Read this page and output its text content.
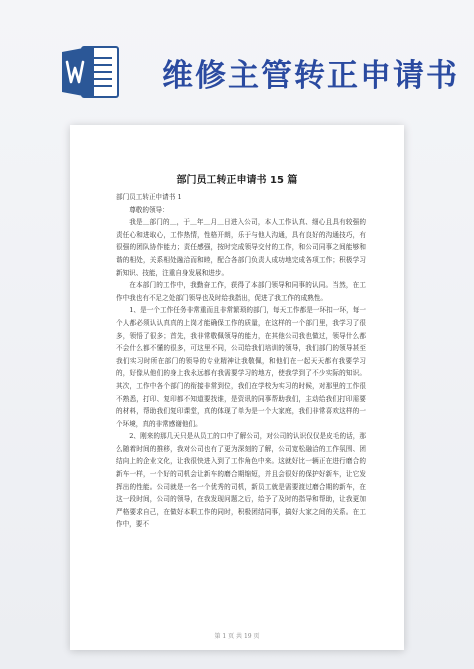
维修主管转正申请书
部门员工转正申请书 15 篇

部门员工转正申请书 1

尊敬的领导：

我是＿部门的＿，于＿年＿月＿日进入公司，本人工作认真、细心且具有较强的责任心和进取心，工作热情，性格开朗，乐于与他人沟通，具有良好的沟通技巧，有很强的团队协作能力；责任感强，按时完成领导交付的工作，和公司同事之间能够和谐的相处，关系相处融洽而和睦，配合各部门负责人成功地完成各项工作；积极学习新知识、技能，注重自身发展和进步。

在本部门的工作中，我勤奋工作，获得了本部门领导和同事的认同。当然，在工作中我也有不足之处部门领导也及时给我指出，促进了我工作的成熟性。

1、是一个工作任务非常重而且非常繁琐的部门，每天工作都是一环扣一环，每一个人都必须认认真真的上岗才能确保工作的质量，在这样的一个部门里，我学习了很多，领悟了很多；首先，我非常敬佩领导的能力，在其他公司我也做过，领导什么都不会什么都不懂的很多，可这里不同，公司给我们培训的领导，我们部门的领导甚至我们实习时所在部门的领导的专业精神让我敬佩，和他们在一起天天都有我要学习的，好像从他们的身上我永远都有我需要学习的地方，使我学到了不少实际的知识。其次，工作中各个部门的衔接非常到位，我们在学校为实习的时候，对那里的工作很不熟悉，打印、复印都不知道要找谁，是资讯的同事帮助我们，主动给我们打印需要的材料，帮助我们复印课堂，真的体现了单为是一个大家庭，我们非常喜欢这样的一个环境，真的非常感谢他们。

2、刚来的那几天只是从员工的口中了解公司，对公司的认识仅仅是皮毛的话，那么随着时间的推移，我对公司也有了更为深刻的了解，公司宽松融洽的工作氛围、团结向上的企业文化，让我很快进入到了工作角色中来。这就好比一辆正在进行磨合的新车一样，一个好的司机会让新车的磨合期缩短，并且会很好的保护好新车，让它发挥出的性能。公司就是一名一个优秀的司机，新员工就是需要渡过磨合期的新车，在这一段时间，公司的领导，在我发现问题之后，给予了及时的指导和帮助，让我更加严格要求自己，在做好本职工作的同时，积极团结同事，搞好大家之间的关系。在工作中，要不

第 1 页 共 19 页
